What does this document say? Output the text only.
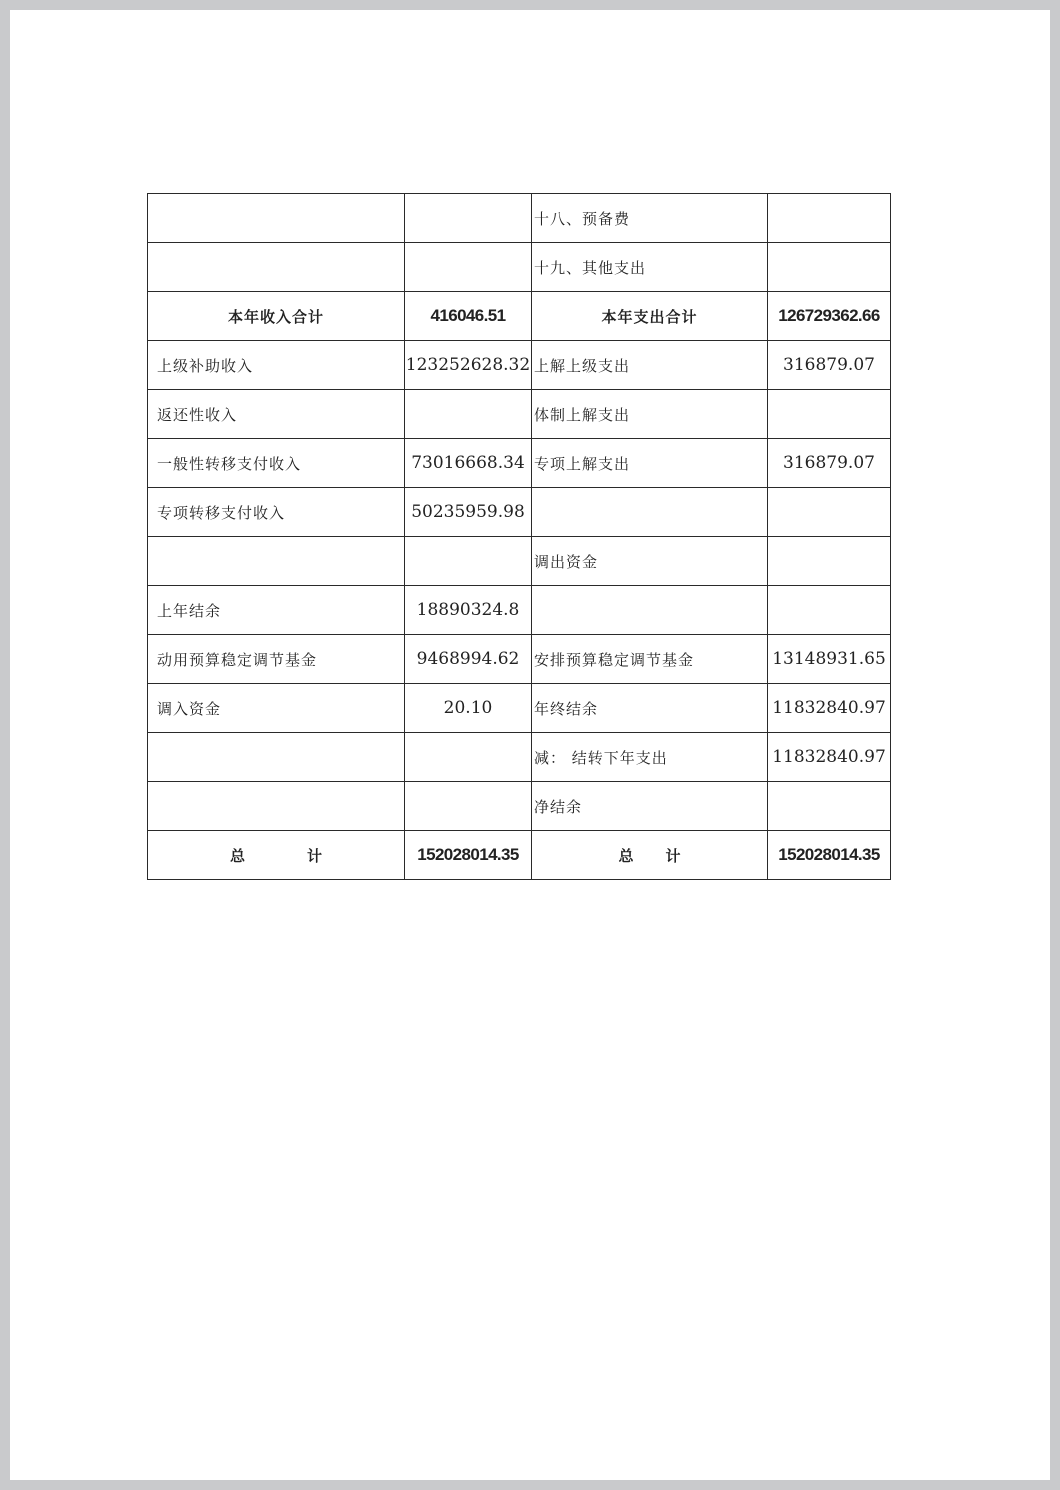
		十八、预备费	
		十九、其他支出	
本年收入合计	416046.51	本年支出合计	126729362.66
上级补助收入	123252628.32	上解上级支出	316879.07
返还性收入		体制上解支出	
一般性转移支付收入	73016668.34	专项上解支出	316879.07
专项转移支付收入	50235959.98		
		调出资金	
上年结余	18890324.8		
动用预算稳定调节基金	9468994.62	安排预算稳定调节基金	13148931.65
调入资金	20.10	年终结余	11832840.97
		减： 结转下年支出	11832840.97
		净结余	
总 计	152028014.35	总 计	152028014.35
